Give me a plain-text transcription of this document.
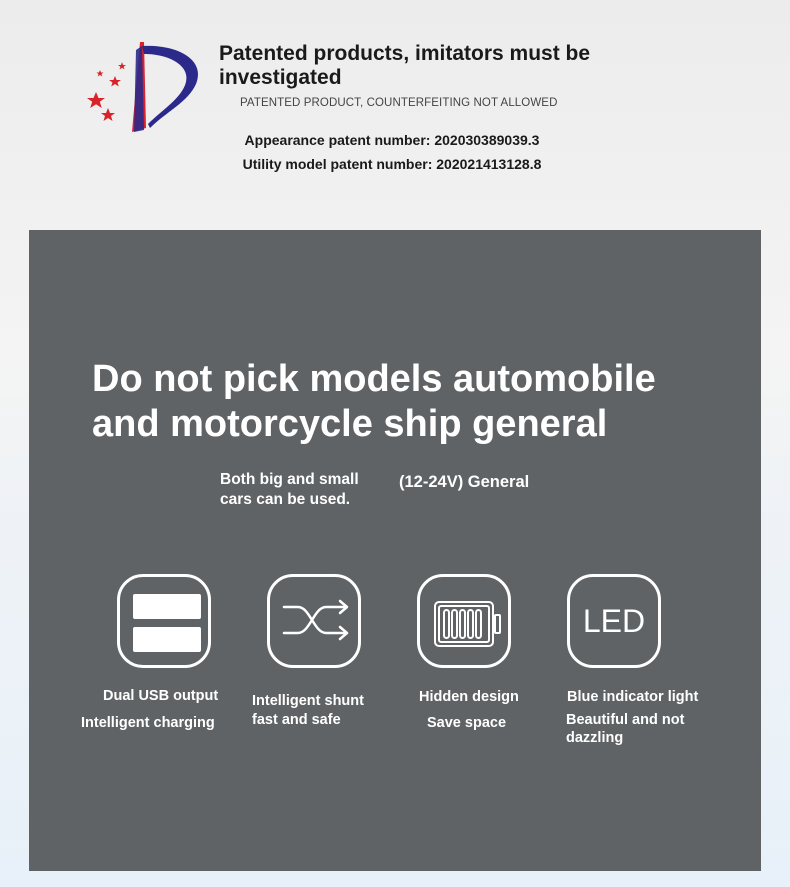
Patented products, imitators must be investigated
PATENTED PRODUCT, COUNTERFEITING NOT ALLOWED
Appearance patent number: 202030389039.3
Utility model patent number: 202021413128.8
Do not pick models automobile and motorcycle ship general
Both big and small cars can be used.
(12-24V) General
Dual USB output
Intelligent charging
Intelligent shunt
fast and safe
Hidden design
Save space
LED
Blue indicator light
Beautiful and not dazzling
